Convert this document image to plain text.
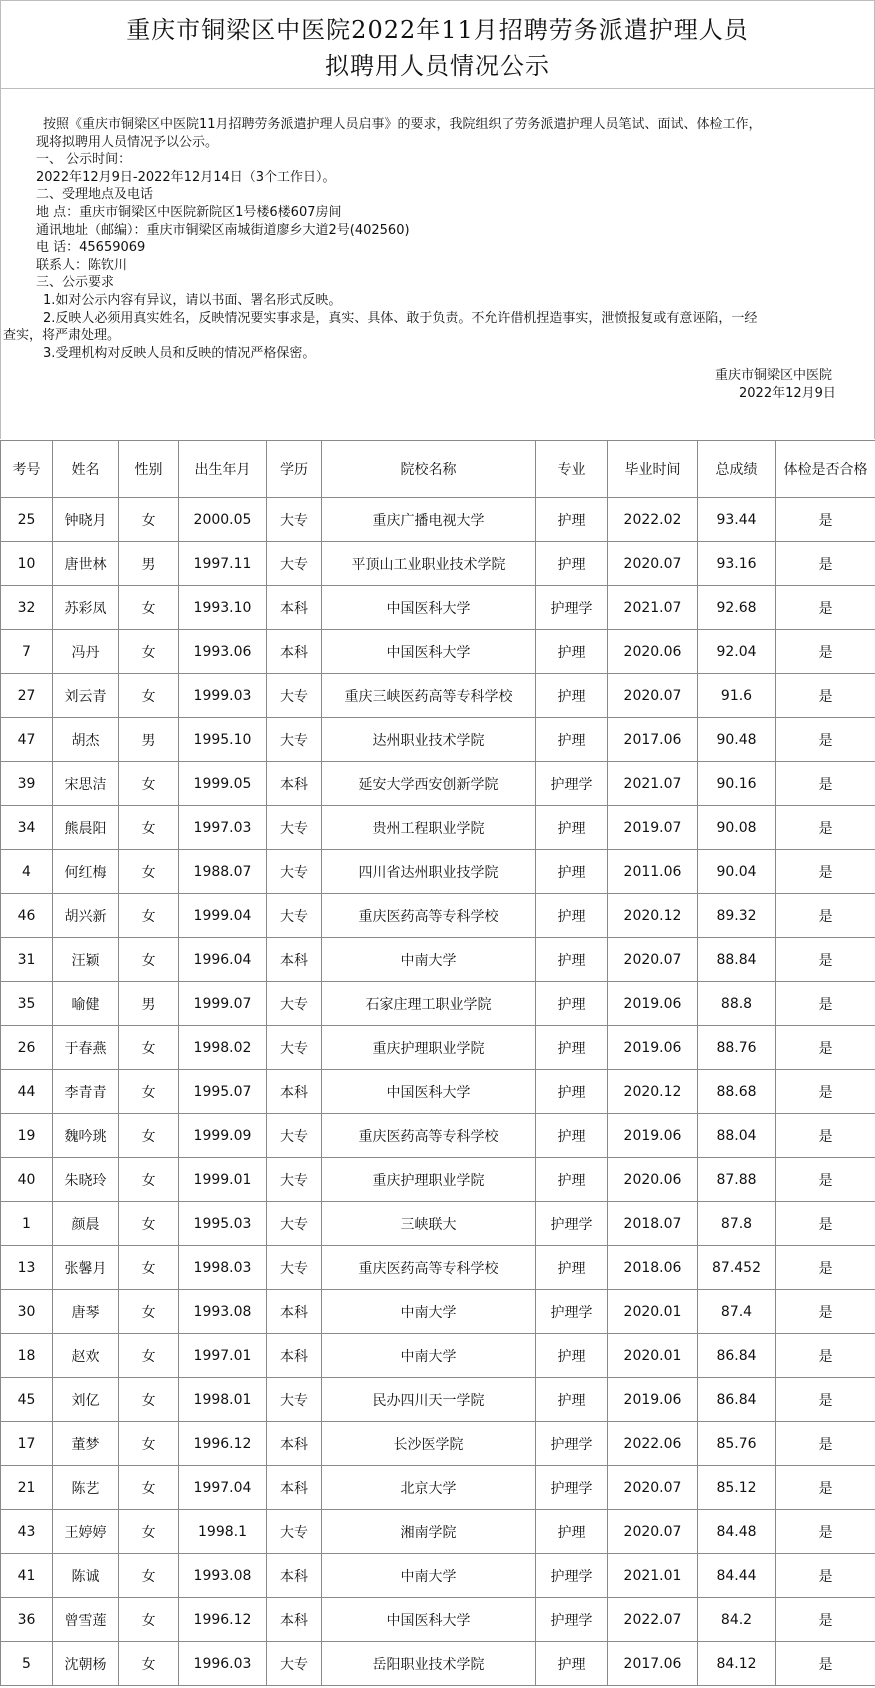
重庆市铜梁区中医院2022年11月招聘劳务派遣护理人员
拟聘用人员情况公示
按照《重庆市铜梁区中医院11月招聘劳务派遣护理人员启事》的要求，我院组织了劳务派遣护理人员笔试、面试、体检工作，
现将拟聘用人员情况予以公示。
一、 公示时间：
2022年12月9日-2022年12月14日（3个工作日）。
二、受理地点及电话
地 点：重庆市铜梁区中医院新院区1号楼6楼607房间
通讯地址（邮编）：重庆市铜梁区南城街道廖乡大道2号(402560)
电 话：45659069
联系人：陈钦川
三、公示要求
1.如对公示内容有异议，请以书面、署名形式反映。
2.反映人必须用真实姓名，反映情况要实事求是，真实、具体、敢于负责。不允许借机捏造事实，泄愤报复或有意诬陷，一经
查实，将严肃处理。
3.受理机构对反映人员和反映的情况严格保密。
重庆市铜梁区中医院
2022年12月9日
考号	姓名	性别	出生年月	学历	院校名称	专业	毕业时间	总成绩	体检是否合格
25	钟晓月	女	2000.05	大专	重庆广播电视大学	护理	2022.02	93.44	是
10	唐世林	男	1997.11	大专	平顶山工业职业技术学院	护理	2020.07	93.16	是
32	苏彩凤	女	1993.10	本科	中国医科大学	护理学	2021.07	92.68	是
7	冯丹	女	1993.06	本科	中国医科大学	护理	2020.06	92.04	是
27	刘云青	女	1999.03	大专	重庆三峡医药高等专科学校	护理	2020.07	91.6	是
47	胡杰	男	1995.10	大专	达州职业技术学院	护理	2017.06	90.48	是
39	宋思洁	女	1999.05	本科	延安大学西安创新学院	护理学	2021.07	90.16	是
34	熊晨阳	女	1997.03	大专	贵州工程职业学院	护理	2019.07	90.08	是
4	何红梅	女	1988.07	大专	四川省达州职业技学院	护理	2011.06	90.04	是
46	胡兴新	女	1999.04	大专	重庆医药高等专科学校	护理	2020.12	89.32	是
31	汪颖	女	1996.04	本科	中南大学	护理	2020.07	88.84	是
35	喻健	男	1999.07	大专	石家庄理工职业学院	护理	2019.06	88.8	是
26	于春燕	女	1998.02	大专	重庆护理职业学院	护理	2019.06	88.76	是
44	李青青	女	1995.07	本科	中国医科大学	护理	2020.12	88.68	是
19	魏吟珧	女	1999.09	大专	重庆医药高等专科学校	护理	2019.06	88.04	是
40	朱晓玲	女	1999.01	大专	重庆护理职业学院	护理	2020.06	87.88	是
1	颜晨	女	1995.03	大专	三峡联大	护理学	2018.07	87.8	是
13	张馨月	女	1998.03	大专	重庆医药高等专科学校	护理	2018.06	87.452	是
30	唐琴	女	1993.08	本科	中南大学	护理学	2020.01	87.4	是
18	赵欢	女	1997.01	本科	中南大学	护理	2020.01	86.84	是
45	刘亿	女	1998.01	大专	民办四川天一学院	护理	2019.06	86.84	是
17	董梦	女	1996.12	本科	长沙医学院	护理学	2022.06	85.76	是
21	陈艺	女	1997.04	本科	北京大学	护理学	2020.07	85.12	是
43	王婷婷	女	1998.1	大专	湘南学院	护理	2020.07	84.48	是
41	陈诚	女	1993.08	本科	中南大学	护理学	2021.01	84.44	是
36	曾雪莲	女	1996.12	本科	中国医科大学	护理学	2022.07	84.2	是
5	沈朝杨	女	1996.03	大专	岳阳职业技术学院	护理	2017.06	84.12	是
